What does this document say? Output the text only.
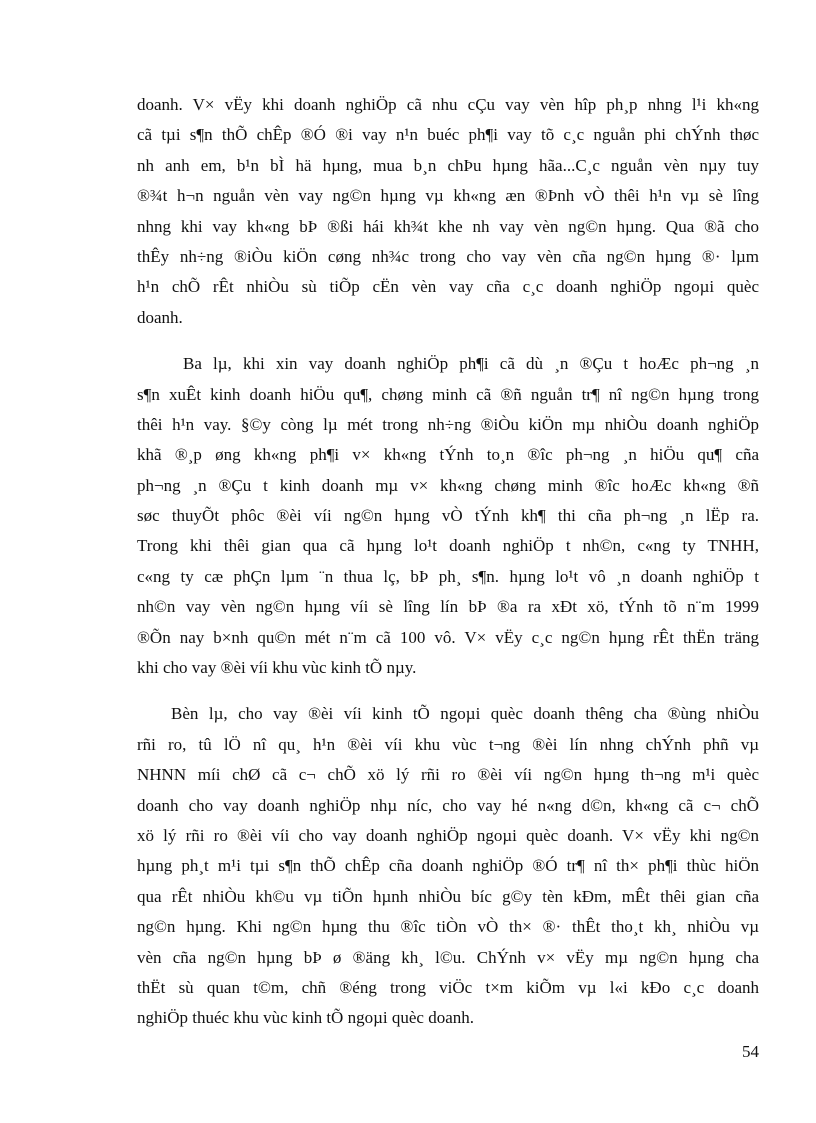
doanh. V× vËy khi doanh nghiÖp cã nhu cÇu vay vèn hîp ph¸p nhng l¹i kh«ng
cã tµi s¶n thÕ chÊp ®Ó ®i vay n¹n buéc ph¶i vay tõ c¸c nguån phi chÝnh thøc
nh anh em, b¹n bÌ hä hµng, mua b¸n chÞu hµng hãa...C¸c nguån vèn nµy tuy
®¾t h¬n nguån vèn vay ng©n hµng vµ kh«ng æn ®Þnh vÒ thêi h¹n vµ sè lîng
nhng khi vay kh«ng bÞ ®ßi hái kh¾t khe nh vay vèn ng©n hµng. Qua ®ã cho
thÊy nh÷ng ®iÒu kiÖn cøng nh¾c trong cho vay vèn cña ng©n hµng ®· lµm
h¹n chÕ rÊt nhiÒu sù tiÕp cËn vèn vay cña c¸c doanh nghiÖp ngoµi quèc
doanh.

Ba lµ, khi xin vay doanh nghiÖp ph¶i cã dù ¸n ®Çu t hoÆc ph¬ng ¸n
s¶n xuÊt kinh doanh hiÖu qu¶, chøng minh cã ®ñ nguån tr¶ nî ng©n hµng trong
thêi h¹n vay. §©y còng lµ mét trong nh÷ng ®iÒu kiÖn mµ nhiÒu doanh nghiÖp
khã ®¸p øng kh«ng ph¶i v× kh«ng tÝnh to¸n ®îc ph¬ng ¸n hiÖu qu¶ cña
ph¬ng ¸n ®Çu t kinh doanh mµ v× kh«ng chøng minh ®îc hoÆc kh«ng ®ñ
søc thuyÕt phôc ®èi víi ng©n hµng vÒ tÝnh kh¶ thi cña ph¬ng ¸n lËp ra.
Trong khi thêi gian qua cã hµng lo¹t doanh nghiÖp t nh©n, c«ng ty TNHH,
c«ng ty cæ phÇn lµm ¨n thua lç, bÞ ph¸ s¶n. hµng lo¹t vô ¸n doanh nghiÖp t
nh©n vay vèn ng©n hµng víi sè lîng lín bÞ ®a ra xÐt xö, tÝnh tõ n¨m 1999
®Õn nay b×nh qu©n mét n¨m cã 100 vô. V× vËy c¸c ng©n hµng rÊt thËn träng
khi cho vay ®èi víi khu vùc kinh tÕ nµy.

Bèn lµ, cho vay ®èi víi kinh tÕ ngoµi quèc doanh thêng cha ®ùng nhiÒu
rñi ro, tû lÖ nî qu¸ h¹n ®èi víi khu vùc t¬ng ®èi lín nhng chÝnh phñ vµ
NHNN míi chØ cã c¬ chÕ xö lý rñi ro ®èi víi ng©n hµng th¬ng m¹i quèc
doanh cho vay doanh nghiÖp nhµ níc, cho vay hé n«ng d©n, kh«ng cã c¬ chÕ
xö lý rñi ro ®èi víi cho vay doanh nghiÖp ngoµi quèc doanh. V× vËy khi ng©n
hµng ph¸t m¹i tµi s¶n thÕ chÊp cña doanh nghiÖp ®Ó tr¶ nî th× ph¶i thùc hiÖn
qua rÊt nhiÒu kh©u vµ tiÕn hµnh nhiÒu bíc g©y tèn kÐm, mÊt thêi gian cña
ng©n hµng. Khi ng©n hµng thu ®îc tiÒn vÒ th× ®· thÊt tho¸t kh¸ nhiÒu vµ
vèn cña ng©n hµng bÞ ø ®äng kh¸ l©u. ChÝnh v× vËy mµ ng©n hµng cha
thËt sù quan t©m, chñ ®éng trong viÖc t×m kiÕm vµ l«i kÐo c¸c doanh
nghiÖp thuéc khu vùc kinh tÕ ngoµi quèc doanh.

54
